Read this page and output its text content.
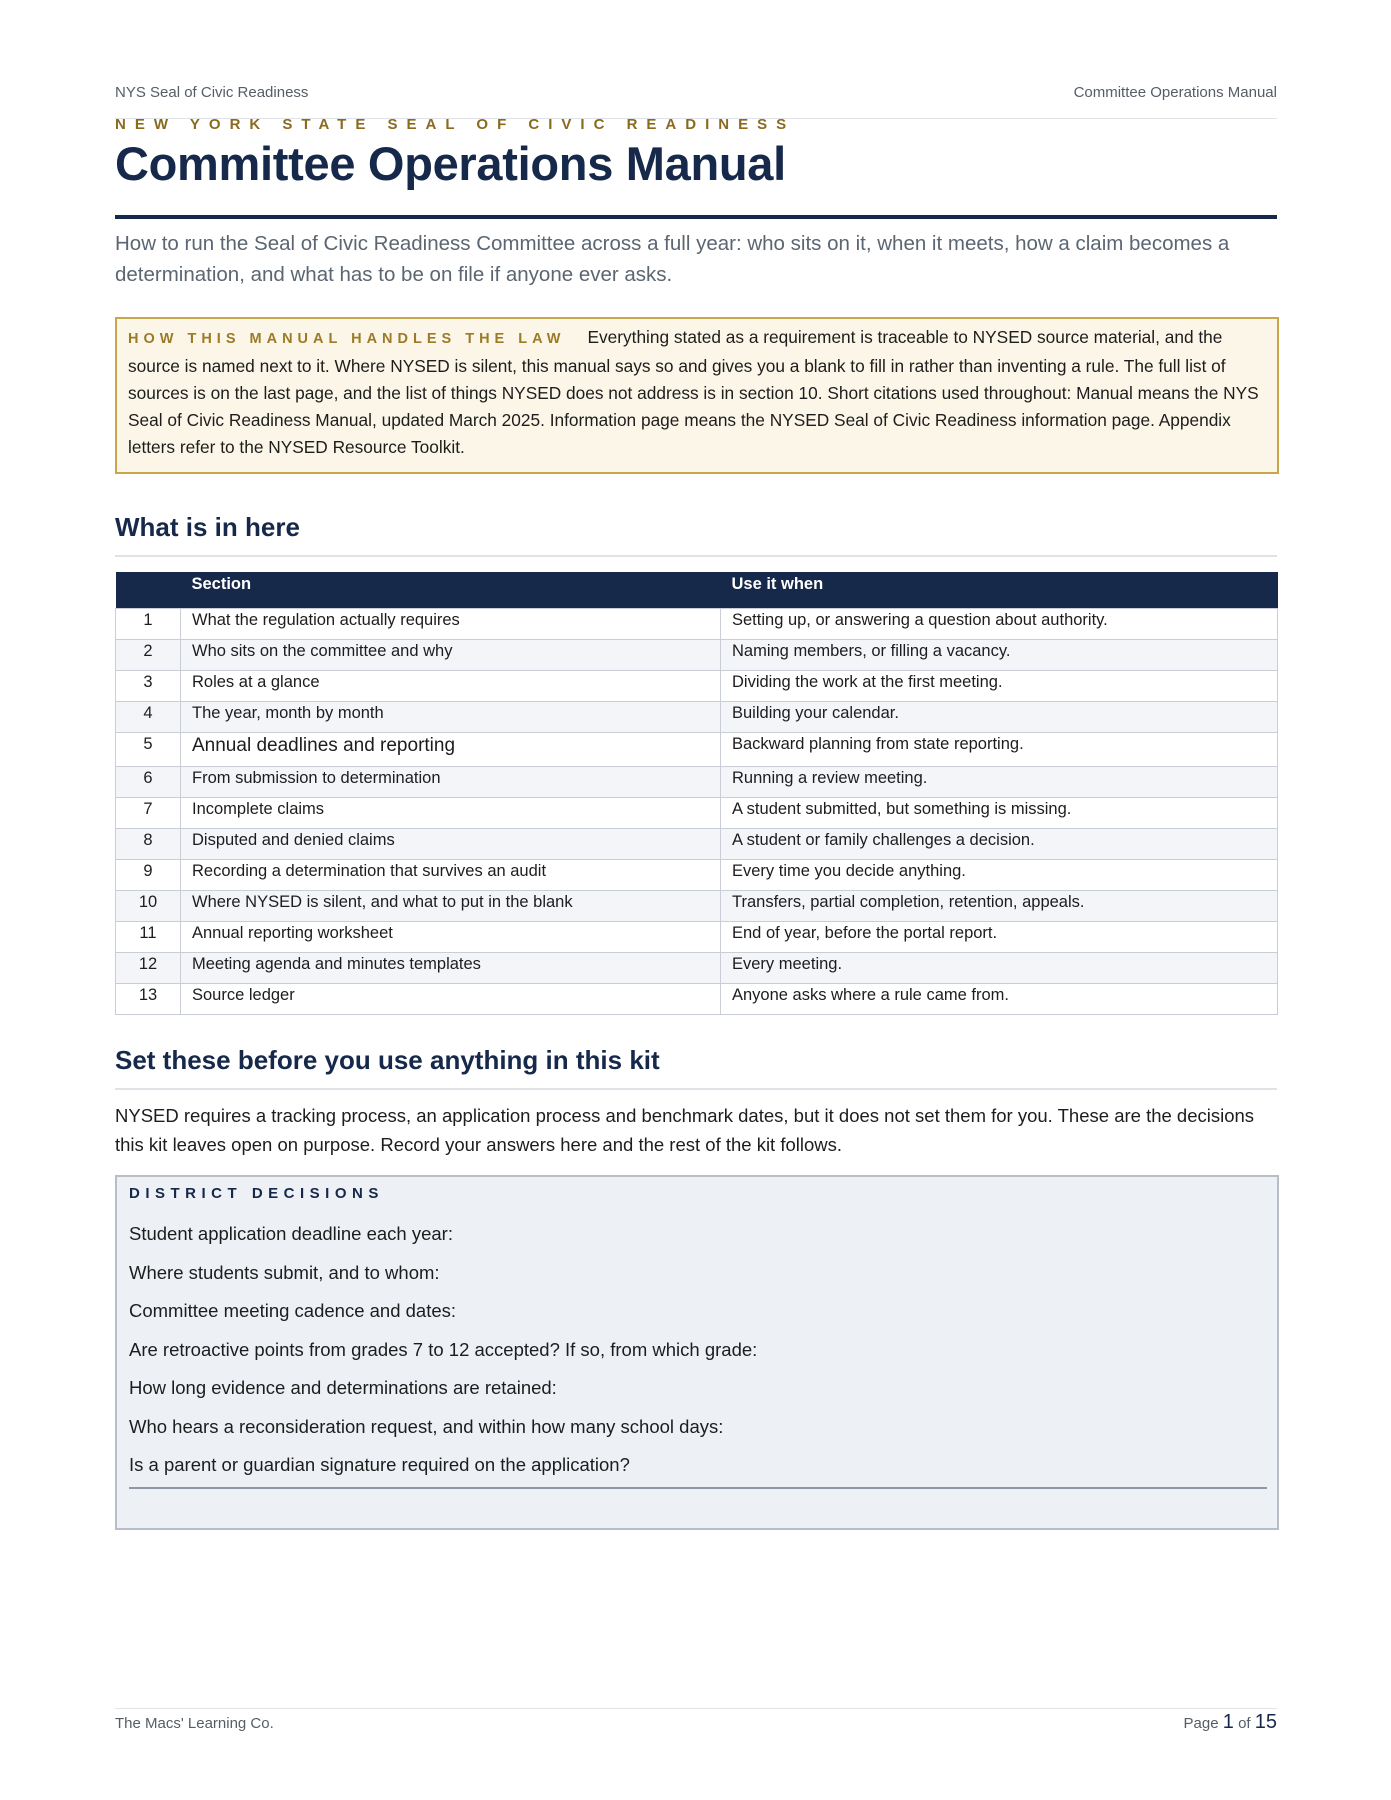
NYS Seal of Civic Readiness	Committee Operations Manual
NEW YORK STATE SEAL OF CIVIC READINESS
Committee Operations Manual

How to run the Seal of Civic Readiness Committee across a full year: who sits on it, when it meets, how a claim becomes a determination, and what has to be on file if anyone ever asks.

HOW THIS MANUAL HANDLES THE LAW Everything stated as a requirement is traceable to NYSED source material, and the source is named next to it. Where NYSED is silent, this manual says so and gives you a blank to fill in rather than inventing a rule. The full list of sources is on the last page, and the list of things NYSED does not address is in section 10. Short citations used throughout: Manual means the NYS Seal of Civic Readiness Manual, updated March 2025. Information page means the NYSED Seal of Civic Readiness information page. Appendix letters refer to the NYSED Resource Toolkit.
What is in here
	Section	Use it when
1	What the regulation actually requires	Setting up, or answering a question about authority.
2	Who sits on the committee and why	Naming members, or filling a vacancy.
3	Roles at a glance	Dividing the work at the first meeting.
4	The year, month by month	Building your calendar.
5	Annual deadlines and reporting	Backward planning from state reporting.
6	From submission to determination	Running a review meeting.
7	Incomplete claims	A student submitted, but something is missing.
8	Disputed and denied claims	A student or family challenges a decision.
9	Recording a determination that survives an audit	Every time you decide anything.
10	Where NYSED is silent, and what to put in the blank	Transfers, partial completion, retention, appeals.
11	Annual reporting worksheet	End of year, before the portal report.
12	Meeting agenda and minutes templates	Every meeting.
13	Source ledger	Anyone asks where a rule came from.
Set these before you use anything in this kit

NYSED requires a tracking process, an application process and benchmark dates, but it does not set them for you. These are the decisions this kit leaves open on purpose. Record your answers here and the rest of the kit follows.

DISTRICT DECISIONS

Student application deadline each year:

Where students submit, and to whom:

Committee meeting cadence and dates:

Are retroactive points from grades 7 to 12 accepted? If so, from which grade:

How long evidence and determinations are retained:

Who hears a reconsideration request, and within how many school days:

Is a parent or guardian signature required on the application?

The Macs' Learning Co.	Page 1 of 15
